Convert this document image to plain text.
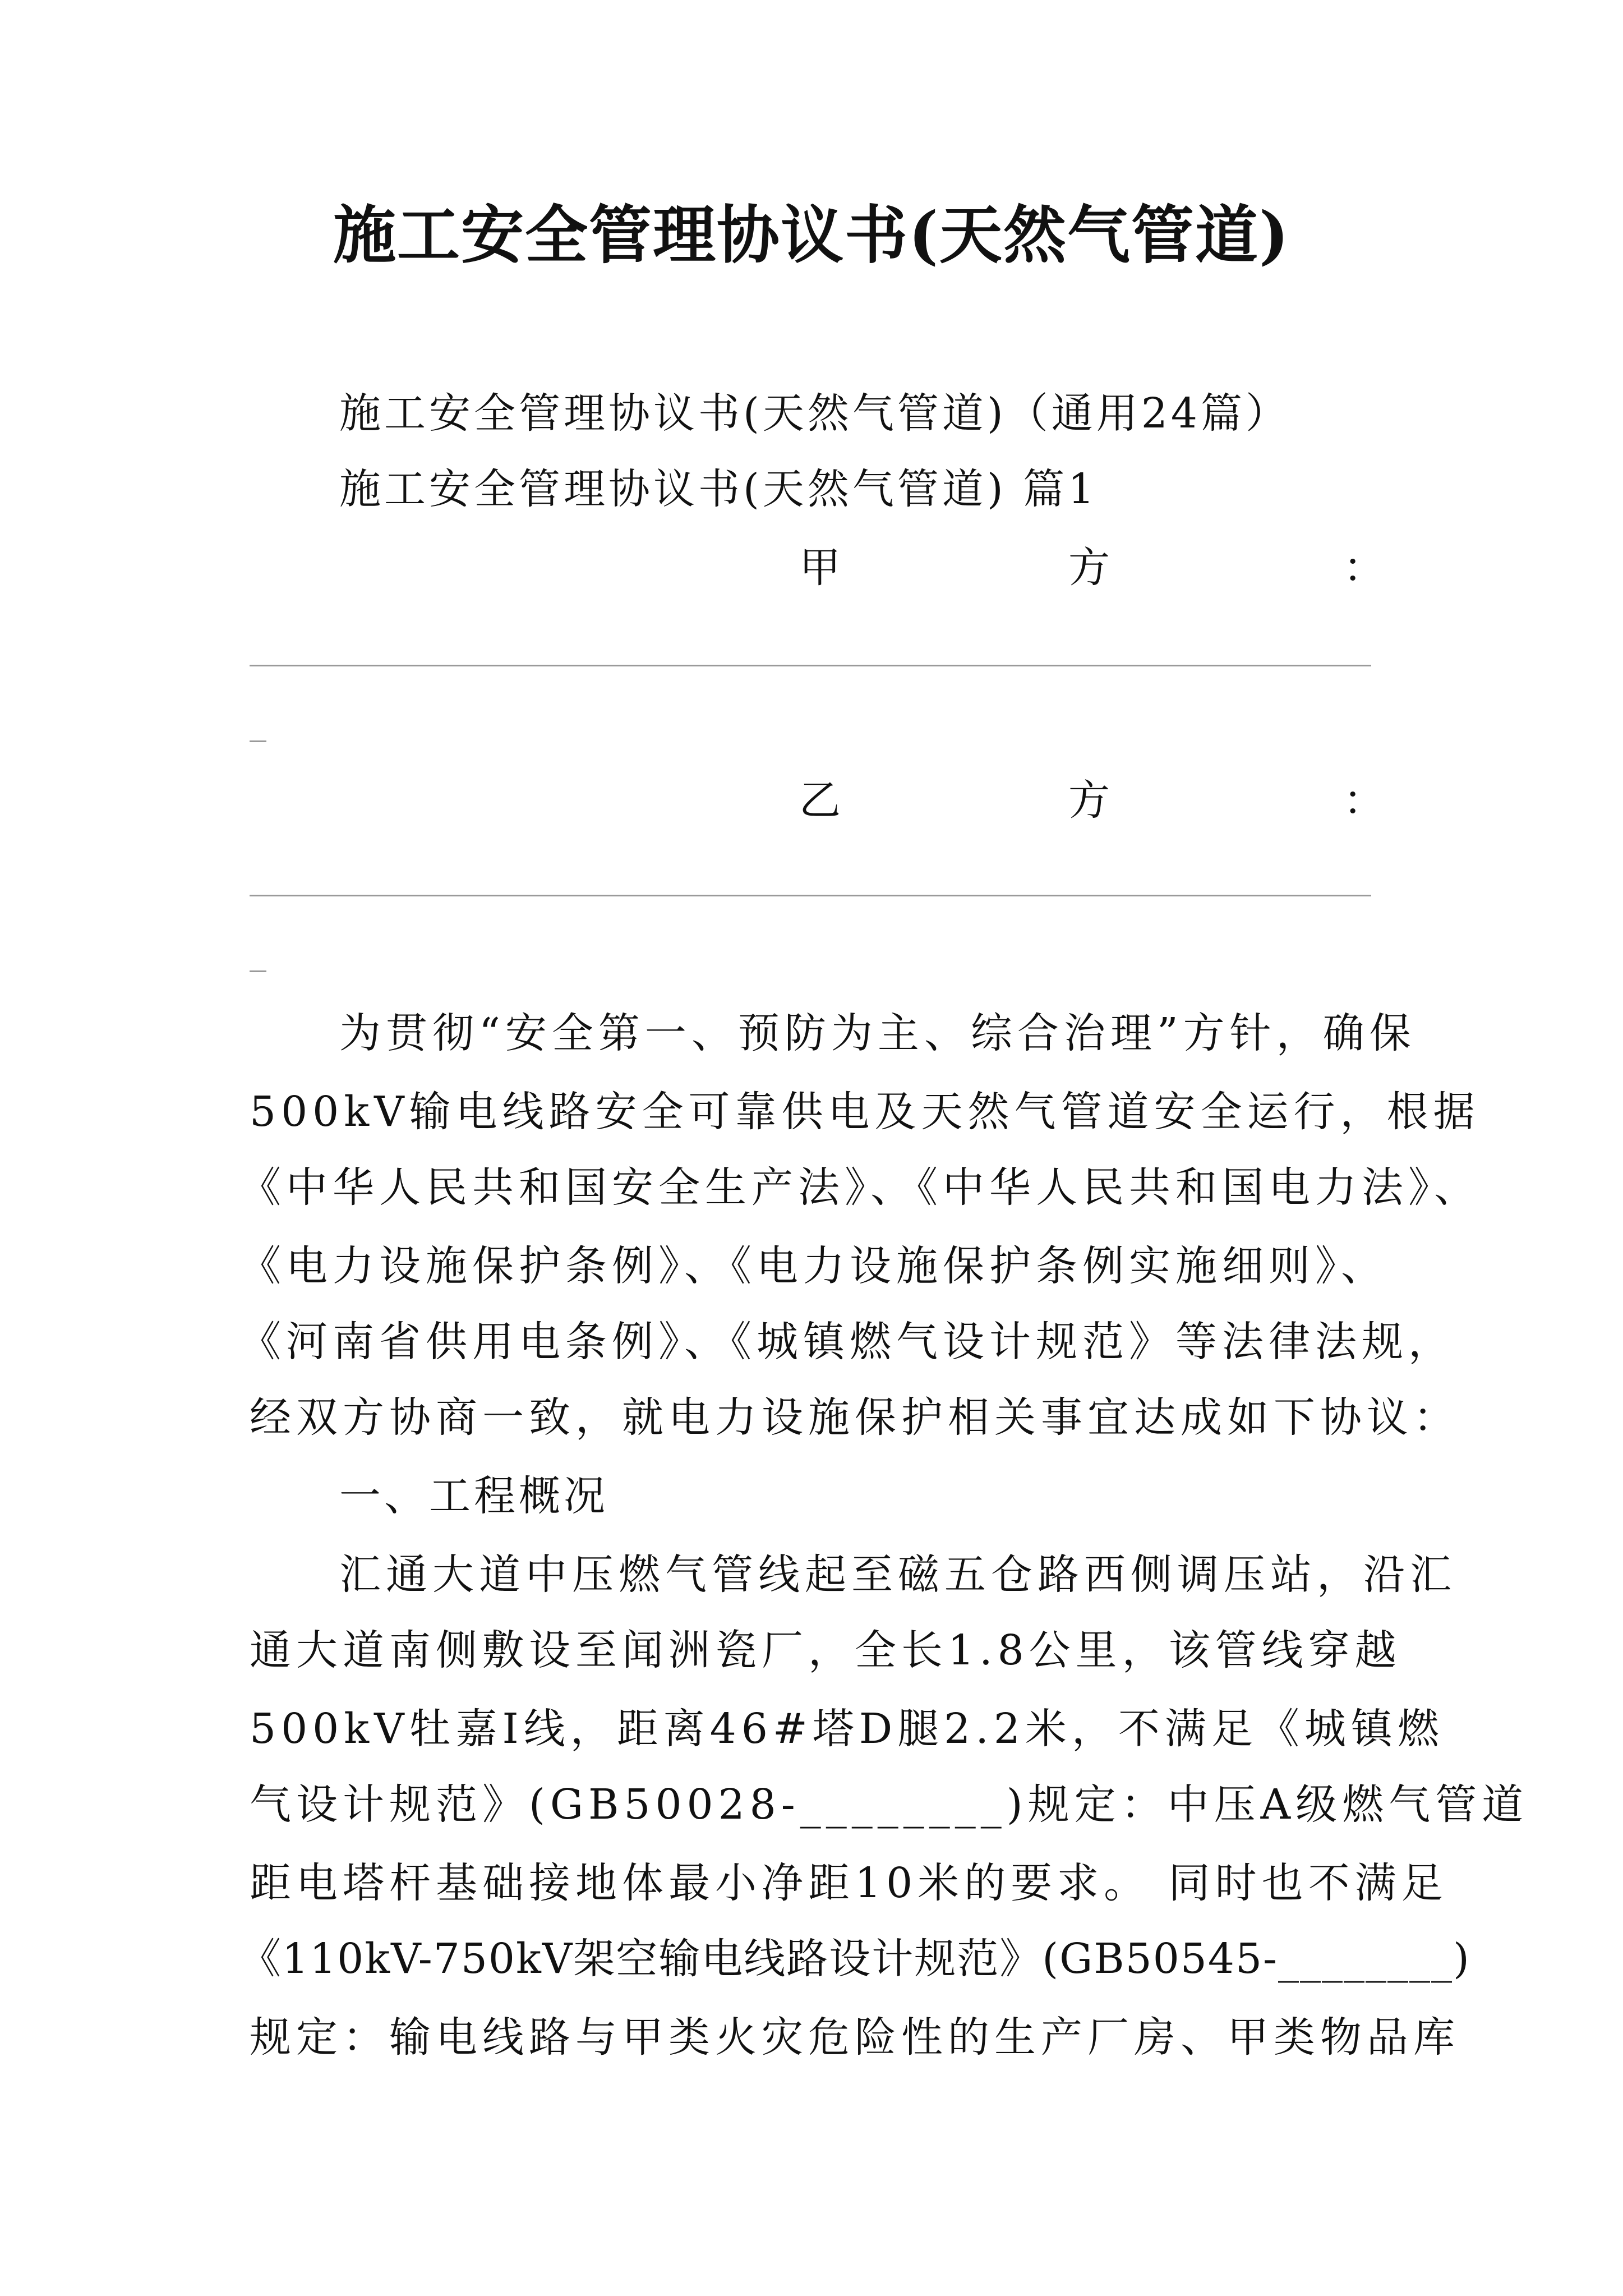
施工安全管理协议书(天然气管道)
施工安全管理协议书(天然气管道)（通用24篇）
施工安全管理协议书(天然气管道) 篇1
甲	方	：
乙	方	：
为贯彻“安全第一、预防为主、综合治理”方针，确保
500kV输电线路安全可靠供电及天然气管道安全运行，根据
《中华人民共和国安全生产法》、《中华人民共和国电力法》、
《电力设施保护条例》、《电力设施保护条例实施细则》、
《河南省供用电条例》、《城镇燃气设计规范》等法律法规，
经双方协商一致，就电力设施保护相关事宜达成如下协议：
一、工程概况
汇通大道中压燃气管线起至磁五仓路西侧调压站，沿汇
通大道南侧敷设至闻洲瓷厂，全长1.8公里，该管线穿越
500kV牡嘉Ⅰ线，距离46#塔D腿2.2米，不满足《城镇燃
气设计规范》(GB50028-________)规定：中压A级燃气管道
距电塔杆基础接地体最小净距10米的要求。 同时也不满足
《110kV-750kV架空输电线路设计规范》(GB50545-________)
规定：输电线路与甲类火灾危险性的生产厂房、甲类物品库
